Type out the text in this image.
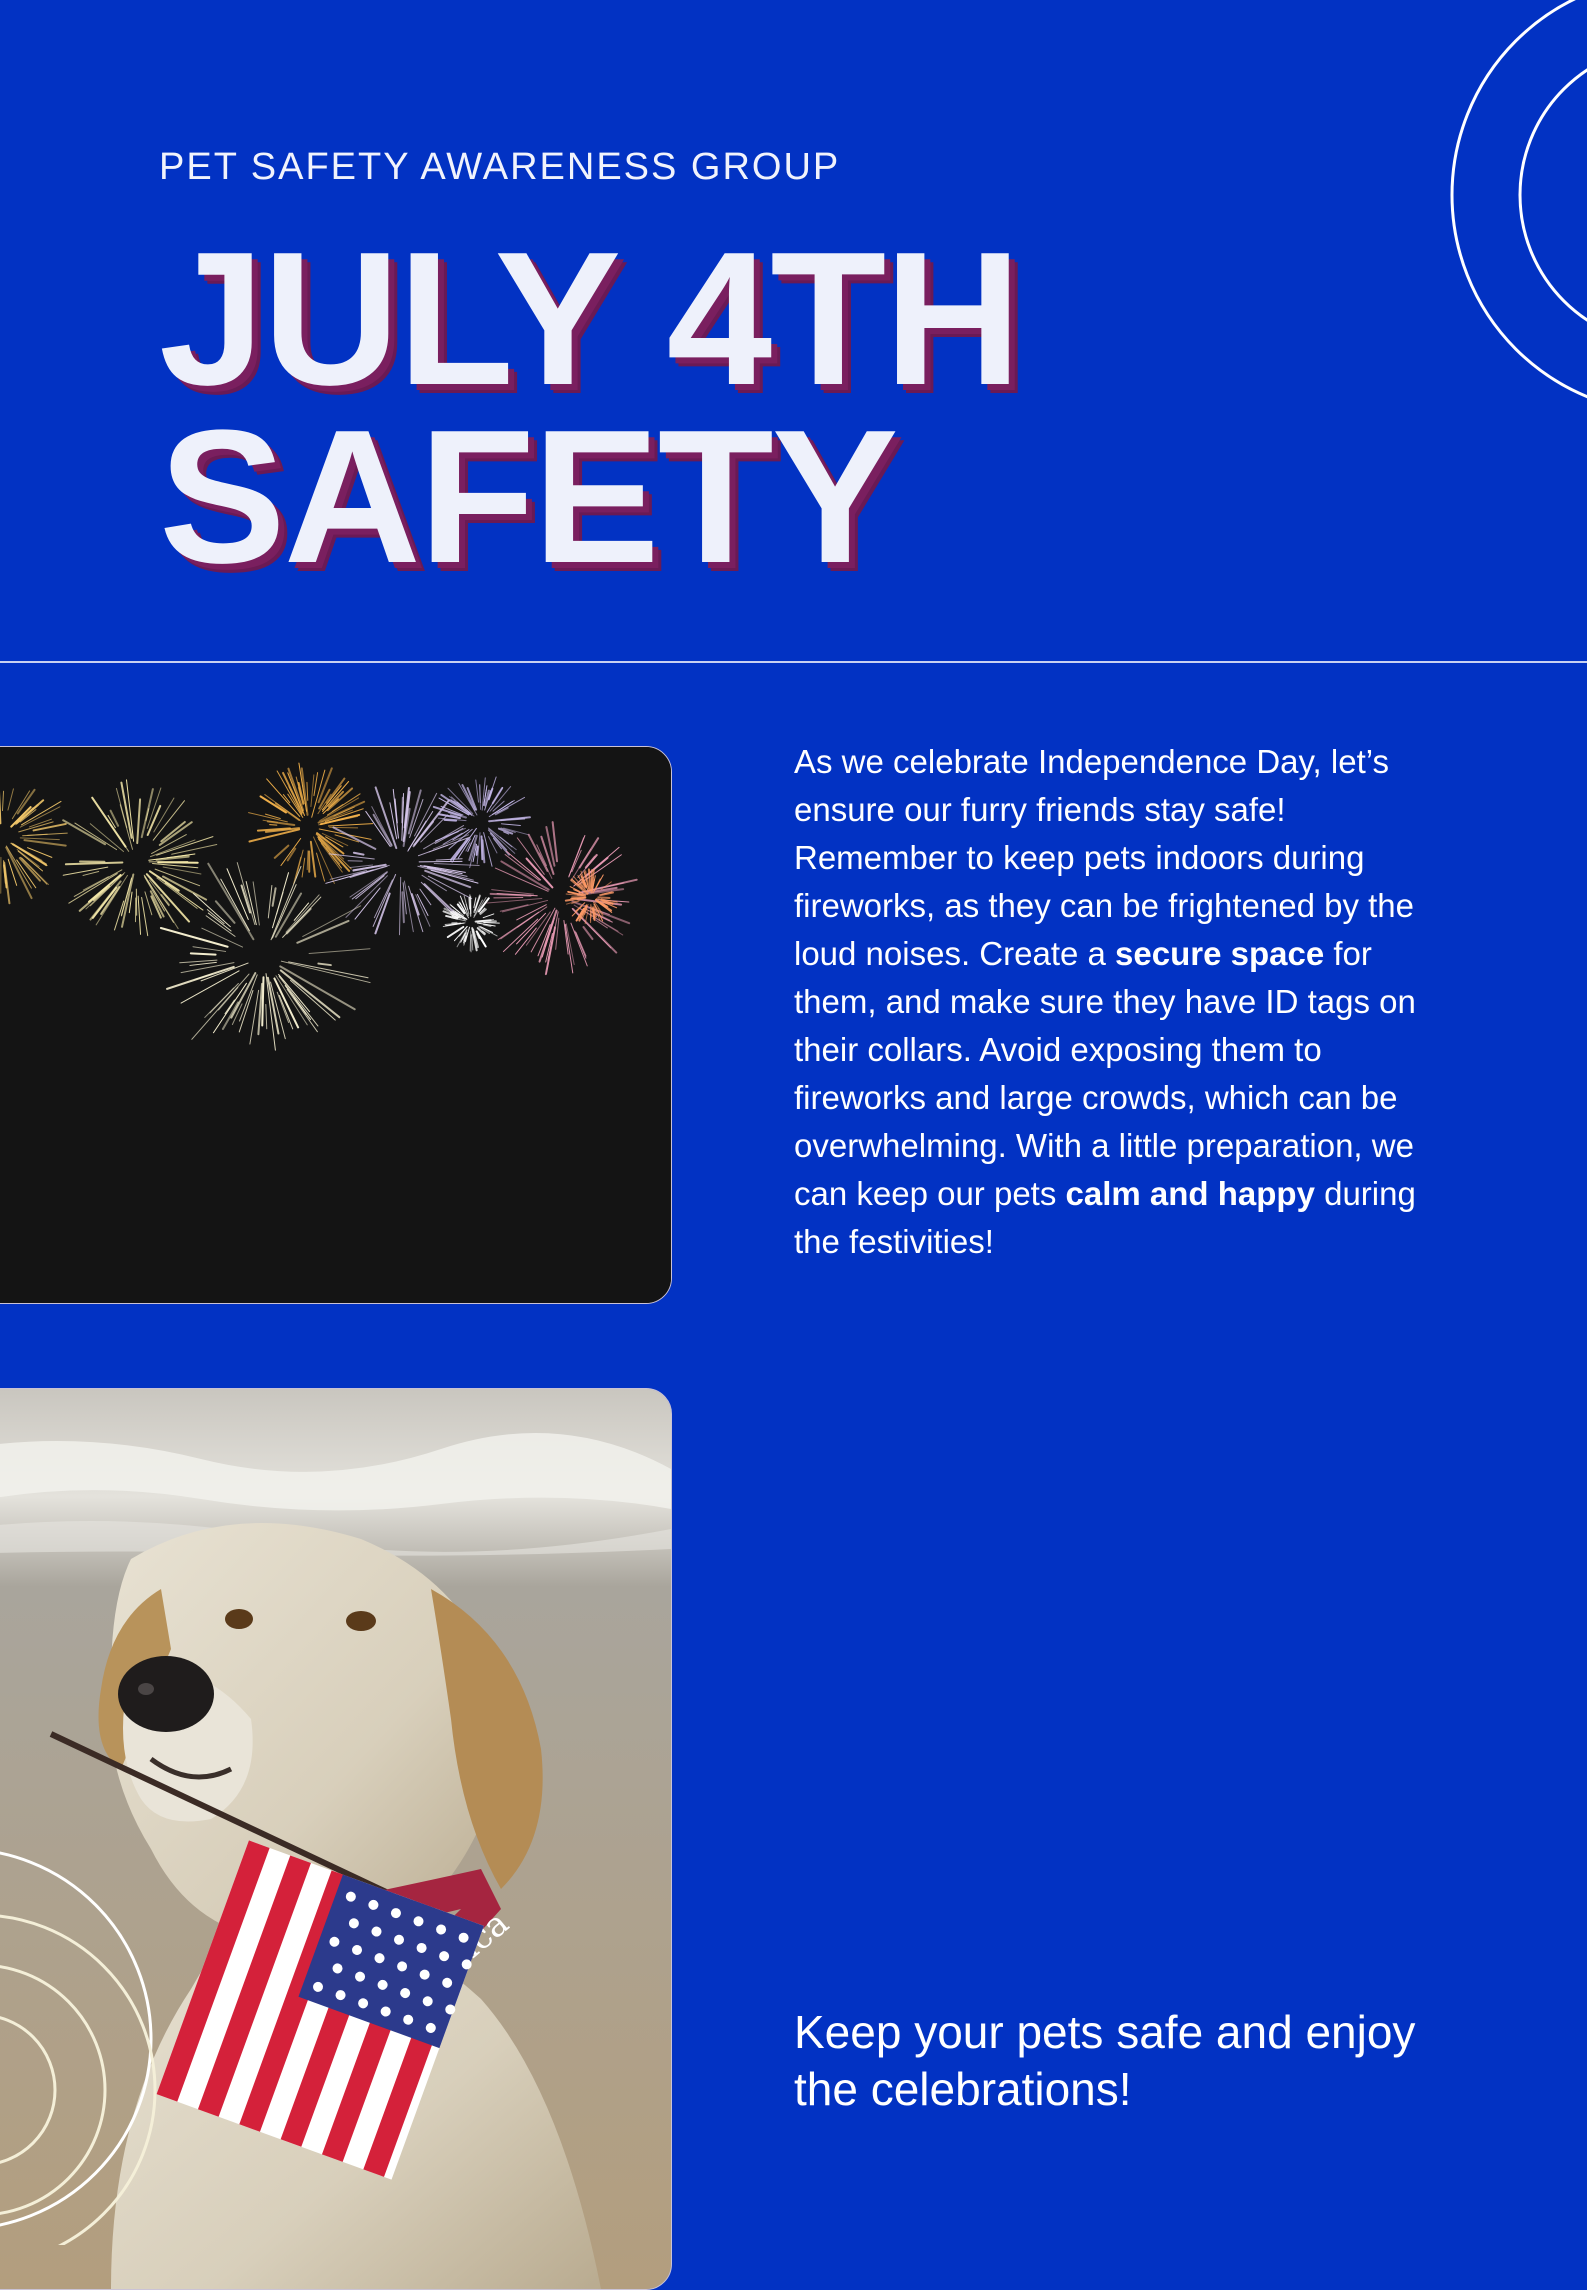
PET SAFETY AWARENESS GROUP
JULY 4TH
SAFETY
As we celebrate Independence Day, let’s ensure our furry friends stay safe! Remember to keep pets indoors during fireworks, as they can be frightened by the loud noises. Create a secure space for them, and make sure they have ID tags on their collars. Avoid exposing them to fireworks and large crowds, which can be overwhelming. With a little preparation, we can keep our pets calm and happy during the festivities!
Keep your pets safe and enjoy the celebrations!
